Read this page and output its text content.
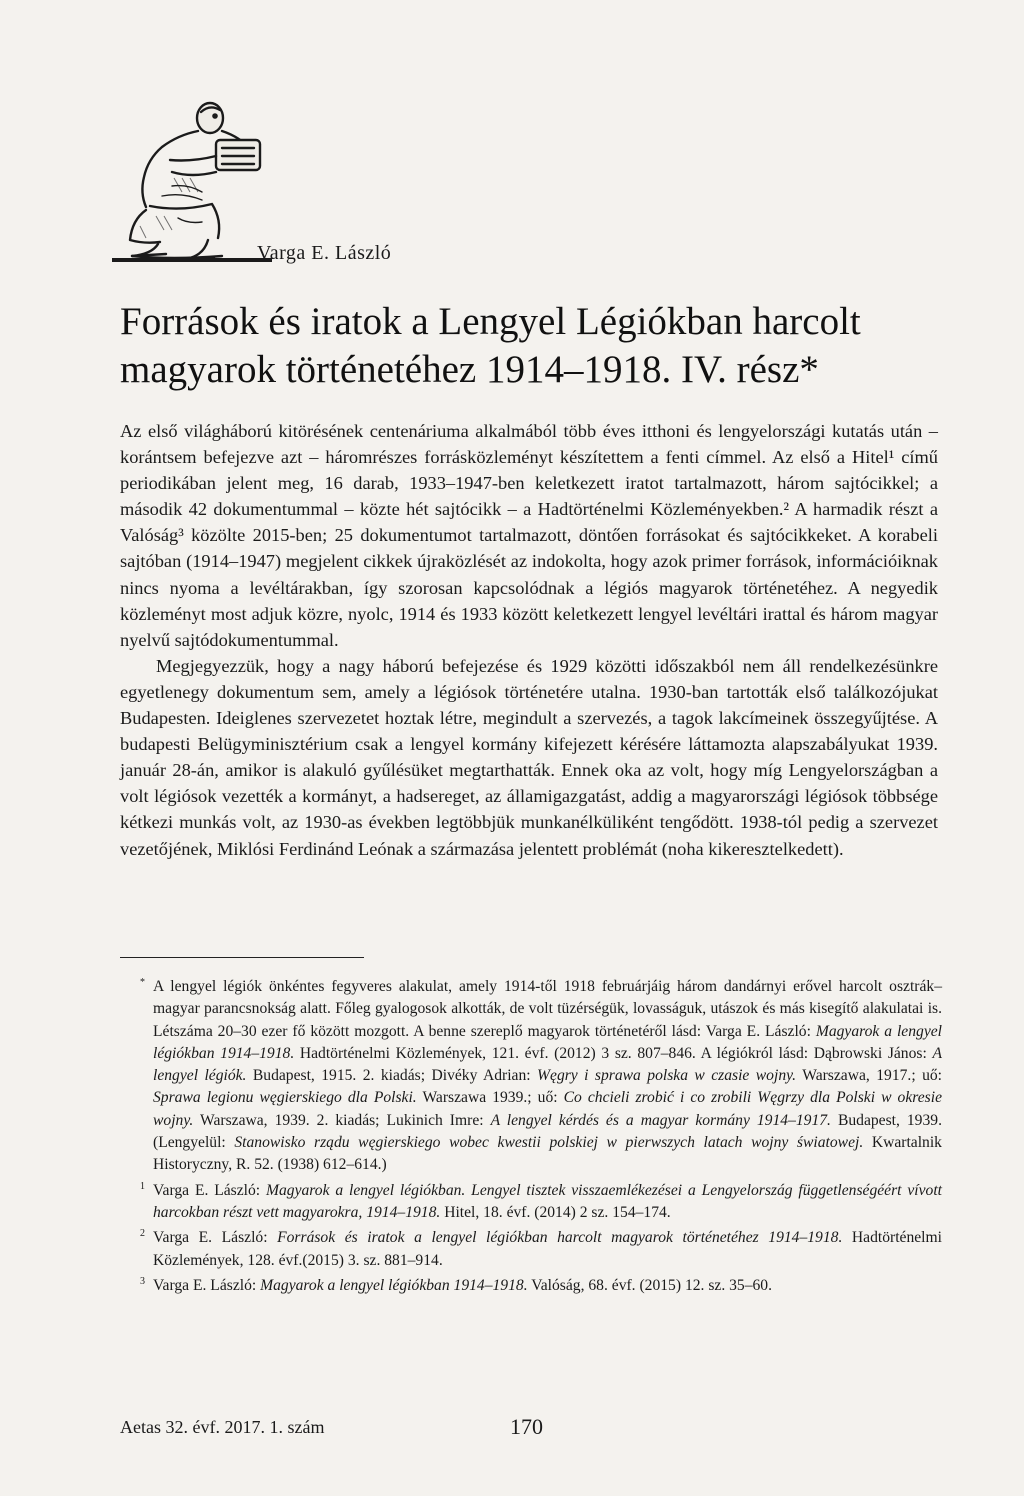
Varga E. László
Források és iratok a Lengyel Légiókban harcolt magyarok történetéhez 1914–1918. IV. rész*

Az első világháború kitörésének centenáriuma alkalmából több éves itthoni és lengyelországi kutatás után – korántsem befejezve azt – háromrészes forrásközleményt készítettem a fenti címmel. Az első a Hitel¹ című periodikában jelent meg, 16 darab, 1933–1947-ben keletkezett iratot tartalmazott, három sajtócikkel; a második 42 dokumentummal – közte hét sajtócikk – a Hadtörténelmi Közleményekben.² A harmadik részt a Valóság³ közölte 2015-ben; 25 dokumentumot tartalmazott, döntően forrásokat és sajtócikkeket. A korabeli sajtóban (1914–1947) megjelent cikkek újraközlését az indokolta, hogy azok primer források, információiknak nincs nyoma a levéltárakban, így szorosan kapcsolódnak a légiós magyarok történetéhez. A negyedik közleményt most adjuk közre, nyolc, 1914 és 1933 között keletkezett lengyel levéltári irattal és három magyar nyelvű sajtódokumentummal.

Megjegyezzük, hogy a nagy háború befejezése és 1929 közötti időszakból nem áll rendelkezésünkre egyetlenegy dokumentum sem, amely a légiósok történetére utalna. 1930-ban tartották első találkozójukat Budapesten. Ideiglenes szervezetet hoztak létre, megindult a szervezés, a tagok lakcímeinek összegyűjtése. A budapesti Belügyminisztérium csak a lengyel kormány kifejezett kérésére láttamozta alapszabályukat 1939. január 28-án, amikor is alakuló gyűlésüket megtarthatták. Ennek oka az volt, hogy míg Lengyelországban a volt légiósok vezették a kormányt, a hadsereget, az államigazgatást, addig a magyarországi légiósok többsége kétkezi munkás volt, az 1930-as években legtöbbjük munkanélküliként tengődött. 1938-tól pedig a szervezet vezetőjének, Miklósi Ferdinánd Leónak a származása jelentett problémát (noha kikeresztelkedett).

* A lengyel légiók önkéntes fegyveres alakulat, amely 1914-től 1918 februárjáig három dandárnyi erővel harcolt osztrák–magyar parancsnokság alatt. Főleg gyalogosok alkották, de volt tüzérségük, lovasságuk, utászok és más kisegítő alakulatai is. Létszáma 20–30 ezer fő között mozgott. A benne szereplő magyarok történetéről lásd: Varga E. László: Magyarok a lengyel légiókban 1914–1918. Hadtörténelmi Közlemények, 121. évf. (2012) 3 sz. 807–846. A légiókról lásd: Dąbrowski János: A lengyel légiók. Budapest, 1915. 2. kiadás; Divéky Adrian: Węgry i sprawa polska w czasie wojny. Warszawa, 1917.; uő: Sprawa legionu węgierskiego dla Polski. Warszawa 1939.; uő: Co chcieli zrobić i co zrobili Węgrzy dla Polski w okresie wojny. Warszawa, 1939. 2. kiadás; Lukinich Imre: A lengyel kérdés és a magyar kormány 1914–1917. Budapest, 1939. (Lengyelül: Stanowisko rządu węgierskiego wobec kwestii polskiej w pierwszych latach wojny światowej. Kwartalnik Historyczny, R. 52. (1938) 612–614.)

1 Varga E. László: Magyarok a lengyel légiókban. Lengyel tisztek visszaemlékezései a Lengyelország függetlenségéért vívott harcokban részt vett magyarokra, 1914–1918. Hitel, 18. évf. (2014) 2 sz. 154–174.

2 Varga E. László: Források és iratok a lengyel légiókban harcolt magyarok történetéhez 1914–1918. Hadtörténelmi Közlemények, 128. évf.(2015) 3. sz. 881–914.

3 Varga E. László: Magyarok a lengyel légiókban 1914–1918. Valóság, 68. évf. (2015) 12. sz. 35–60.

Aetas 32. évf. 2017. 1. szám	170
